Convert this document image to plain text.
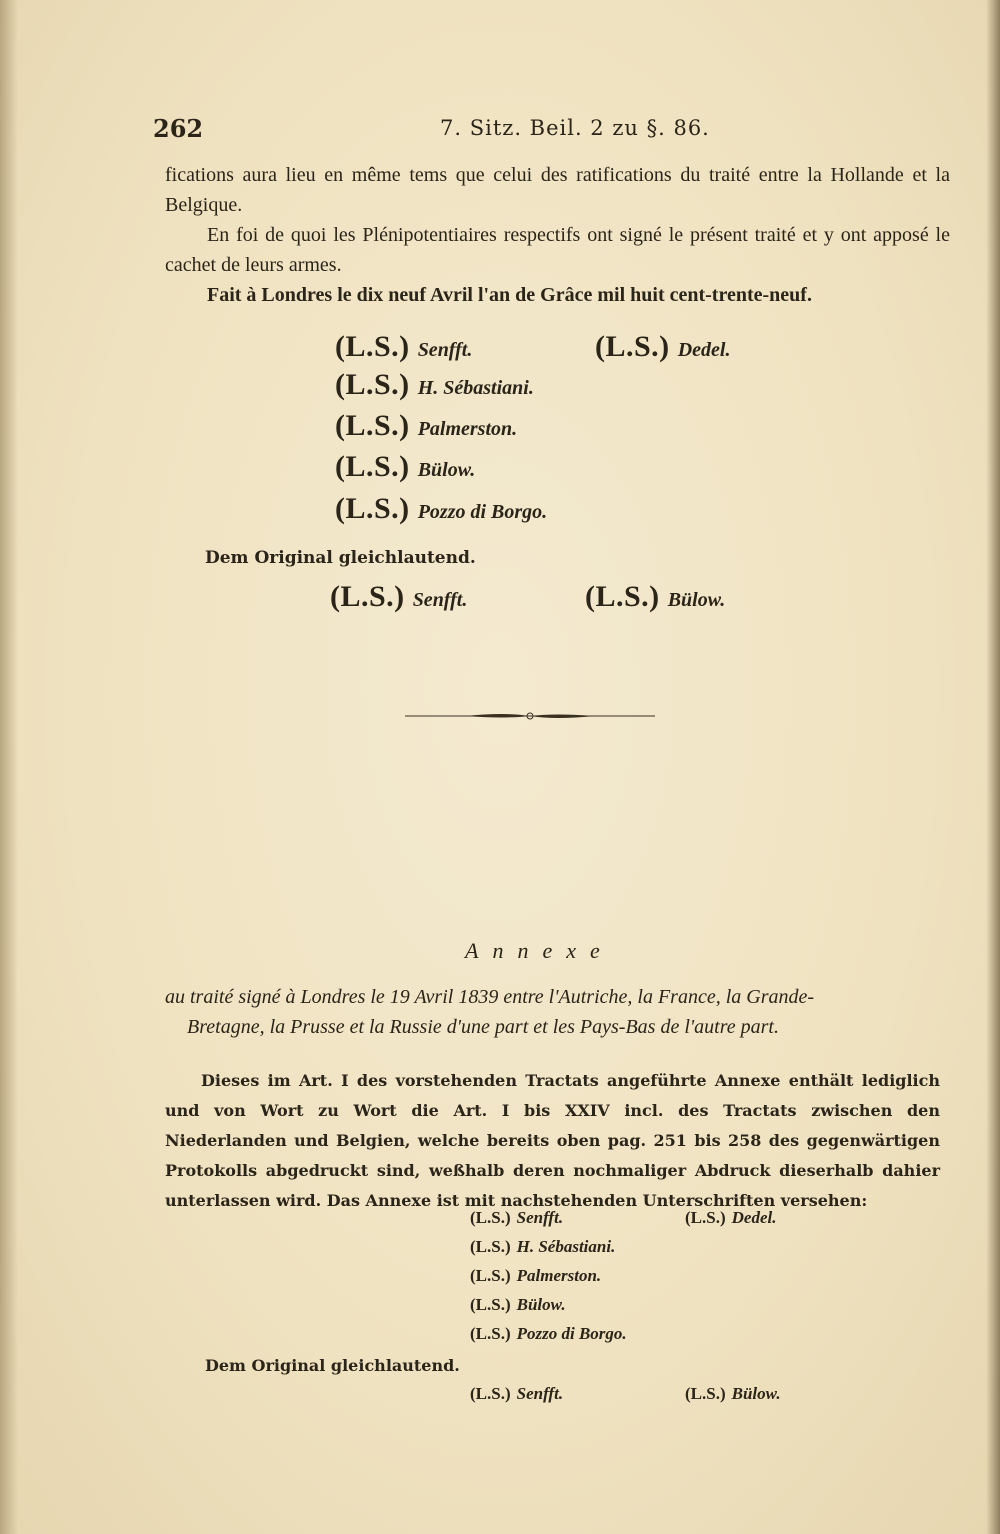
262	7. Sitz. Beil. 2 zu §. 86.

fications aura lieu en même tems que celui des ratifications du traité entre la Hollande et la Belgique.

En foi de quoi les Plénipotentiaires respectifs ont signé le présent traité et y ont apposé le cachet de leurs armes.

Fait à Londres le dix neuf Avril l'an de Grâce mil huit cent-trente-neuf.

(L.S.) Senfft.	(L.S.) Dedel.
(L.S.) H. Sébastiani.
(L.S.) Palmerston.
(L.S.) Bülow.
(L.S.) Pozzo di Borgo.
Dem Original gleichlautend.
(L.S.) Senfft.	(L.S.) Bülow.
Annexe

au traité signé à Londres le 19 Avril 1839 entre l'Autriche, la France, la Grande-

Bretagne, la Prusse et la Russie d'une part et les Pays-Bas de l'autre part.

Dieses im Art. I des vorstehenden Tractats angeführte Annexe enthält lediglich und von Wort zu Wort die Art. I bis XXIV incl. des Tractats zwischen den Niederlanden und Belgien, welche bereits oben pag. 251 bis 258 des gegenwärtigen Protokolls abgedruckt sind, weßhalb deren nochmaliger Abdruck dieserhalb dahier unterlassen wird. Das Annexe ist mit nachstehenden Unterschriften versehen:

(L.S.) Senfft.	(L.S.) Dedel.
(L.S.) H. Sébastiani.
(L.S.) Palmerston.
(L.S.) Bülow.
(L.S.) Pozzo di Borgo.
Dem Original gleichlautend.
(L.S.) Senfft.	(L.S.) Bülow.
